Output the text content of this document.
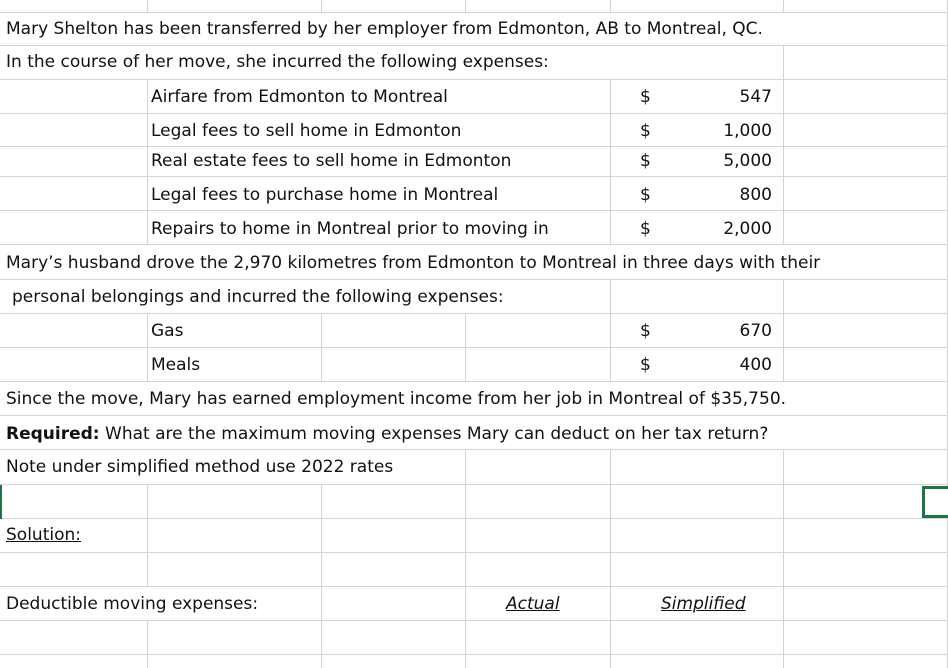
Mary Shelton has been transferred by her employer from Edmonton, AB to Montreal, QC.
In the course of her move, she incurred the following expenses:
Airfare from Edmonton to Montreal	$	547
Legal fees to sell home in Edmonton	$	1,000
Real estate fees to sell home in Edmonton	$	5,000
Legal fees to purchase home in Montreal	$	800
Repairs to home in Montreal prior to moving in	$	2,000
Mary’s husband drove the 2,970 kilometres from Edmonton to Montreal in three days with their
personal belongings and incurred the following expenses:
Gas	$	670
Meals	$	400
Since the move, Mary has earned employment income from her job in Montreal of $35,750.
Required: What are the maximum moving expenses Mary can deduct on her tax return?
Note under simplified method use 2022 rates
Solution:
Deductible moving expenses:	Actual	Simplified
